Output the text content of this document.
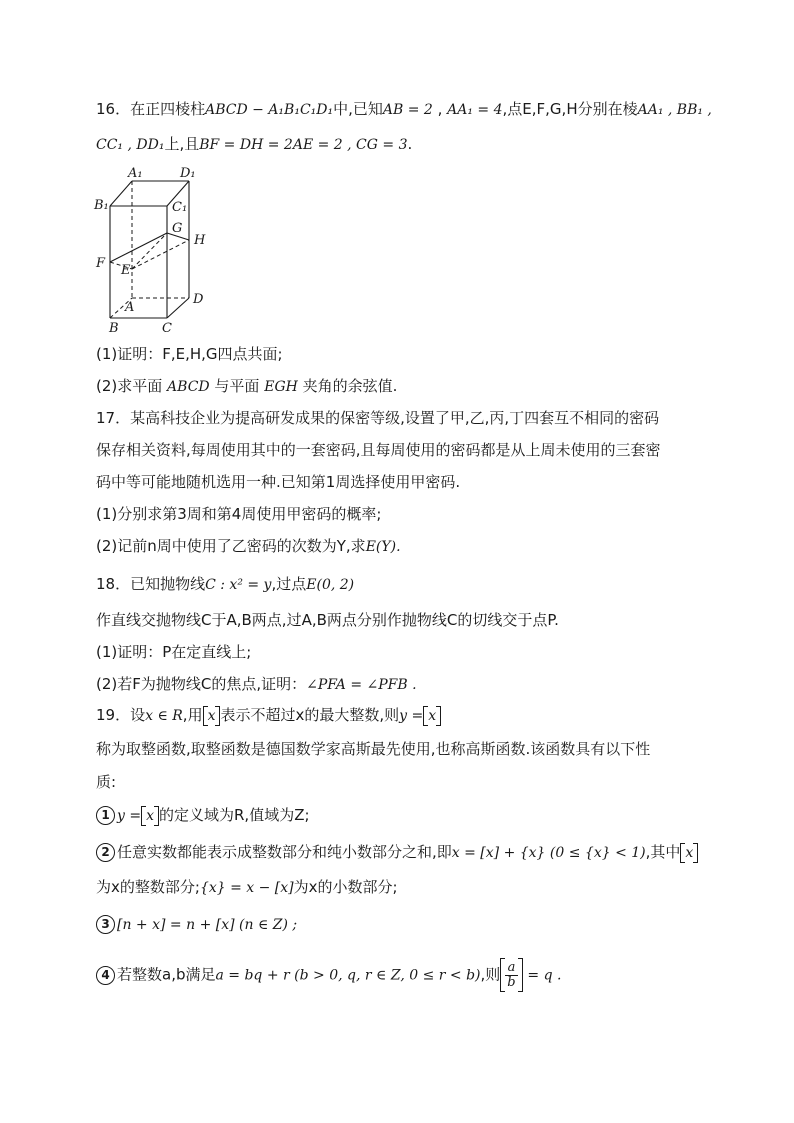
16．在正四棱柱ABCD − A₁B₁C₁D₁中,已知AB = 2 , AA₁ = 4,点E,F,G,H分别在棱AA₁ , BB₁ ,
CC₁ , DD₁上,且BF = DH = 2AE = 2 , CG = 3.
A₁	D₁
B₁	C₁
G
H
F E
A
D
B	C
(1)证明：F,E,H,G四点共面;
(2)求平面 ABCD 与平面 EGH 夹角的余弦值.
17．某高科技企业为提高研发成果的保密等级,设置了甲,乙,丙,丁四套互不相同的密码
保存相关资料,每周使用其中的一套密码,且每周使用的密码都是从上周未使用的三套密
码中等可能地随机选用一种.已知第1周选择使用甲密码.
(1)分别求第3周和第4周使用甲密码的概率;
(2)记前n周中使用了乙密码的次数为Y,求E(Y).
18．已知抛物线C : x² = y,过点E(0, 2)
作直线交抛物线C于A,B两点,过A,B两点分别作抛物线C的切线交于点P.
(1)证明：P在定直线上;
(2)若F为抛物线C的焦点,证明：∠PFA = ∠PFB .
19．设x ∈ R,用 x 表示不超过x的最大整数,则y = x
称为取整函数,取整函数是德国数学家高斯最先使用,也称高斯函数.该函数具有以下性
质:
1 y = x 的定义域为R,值域为Z;
2 任意实数都能表示成整数部分和纯小数部分之和,即x = [x] + {x} (0 ≤ {x} < 1),其中 x
为x的整数部分;{x} = x − [x]为x的小数部分;
3 [n + x] = n + [x] (n ∈ Z) ;
4 若整数a,b满足a = bq + r (b > 0, q, r ∈ Z, 0 ≤ r < b),则 $\frac{a}{b} = q$ .
